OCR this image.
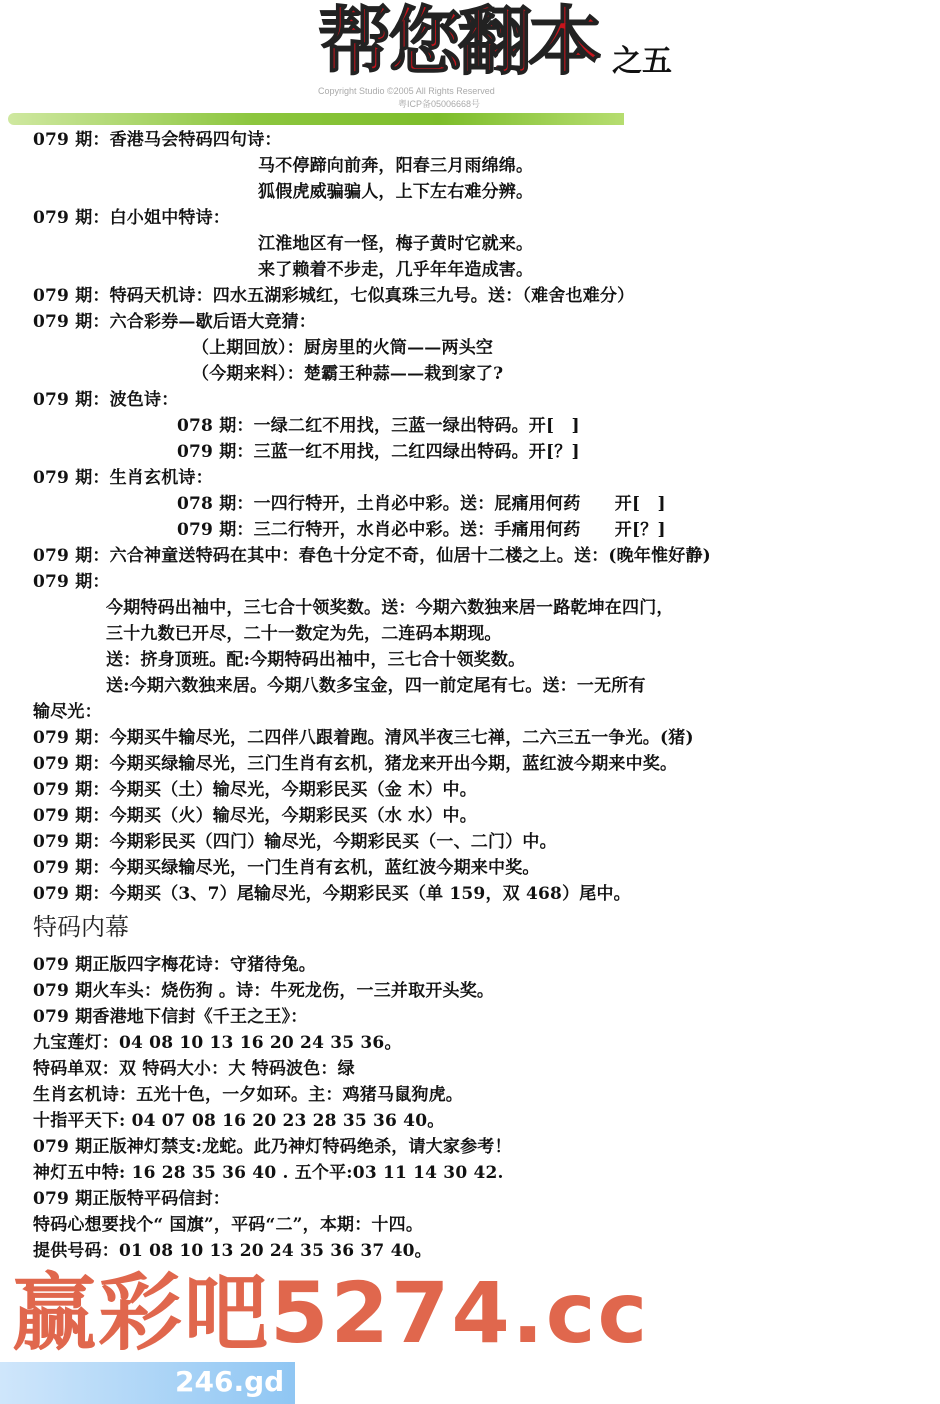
帮您翻本 之五
Copyright Studio ©2005 All Rights Reserved
粤ICP备05006668号
079 期：香港马会特码四句诗：
马不停蹄向前奔，阳春三月雨绵绵。
狐假虎威骗骗人，上下左右难分辨。
079 期：白小姐中特诗：
江淮地区有一怪，梅子黄时它就来。
来了赖着不步走，几乎年年造成害。
079 期：特码天机诗：四水五湖彩城红，七似真珠三九号。送：（难舍也难分）
079 期：六合彩券—歇后语大竞猜：
（上期回放）：厨房里的火筒——两头空
（今期来料）：楚霸王种蒜——栽到家了?
079 期：波色诗：
078 期：一绿二红不用找，三蓝一绿出特码。开[　]
079 期：三蓝一红不用找，二红四绿出特码。开[？]
079 期：生肖玄机诗：
078 期：一四行特开，土肖必中彩。送：屁痛用何药　　开[　]
079 期：三二行特开，水肖必中彩。送：手痛用何药　　开[？]
079 期：六合神童送特码在其中：春色十分定不奇，仙居十二楼之上。送：(晚年惟好静)
079 期：
今期特码出袖中，三七合十领奖数。送：今期六数独来居一路乾坤在四门，
三十九数已开尽，二十一数定为先，二连码本期现。
送：挤身顶班。配:今期特码出袖中，三七合十领奖数。
送:今期六数独来居。今期八数多宝金，四一前定尾有七。送：一无所有
输尽光：
079 期：今期买牛输尽光，二四伴八跟着跑。清风半夜三七禅，二六三五一争光。(猪)
079 期：今期买绿输尽光，三门生肖有玄机，猪龙来开出今期，蓝红波今期来中奖。
079 期：今期买（土）输尽光，今期彩民买（金 木）中。
079 期：今期买（火）输尽光，今期彩民买（水 水）中。
079 期：今期彩民买（四门）输尽光，今期彩民买（一、二门）中。
079 期：今期买绿输尽光，一门生肖有玄机，蓝红波今期来中奖。
079 期：今期买（3、7）尾输尽光，今期彩民买（单 159，双 468）尾中。
特码内幕
079 期正版四字梅花诗：守猪待兔。
079 期火车头：烧伤狗 。诗：牛死龙伤，一三并取开头奖。
079 期香港地下信封《千王之王》：
九宝莲灯：04 08 10 13 16 20 24 35 36。
特码单双：双 特码大小：大 特码波色：绿
生肖玄机诗：五光十色，一夕如环。主：鸡猪马鼠狗虎。
十指平天下: 04 07 08 16 20 23 28 35 36 40。
079 期正版神灯禁支:龙蛇。此乃神灯特码绝杀，请大家参考！
神灯五中特: 16 28 35 36 40 . 五个平:03 11 14 30 42.
079 期正版特平码信封：
特码心想要找个“ 国旗”，平码“二”，本期：十四。
提供号码：01 08 10 13 20 24 35 36 37 40。
赢彩吧5274.cc
246.gd
